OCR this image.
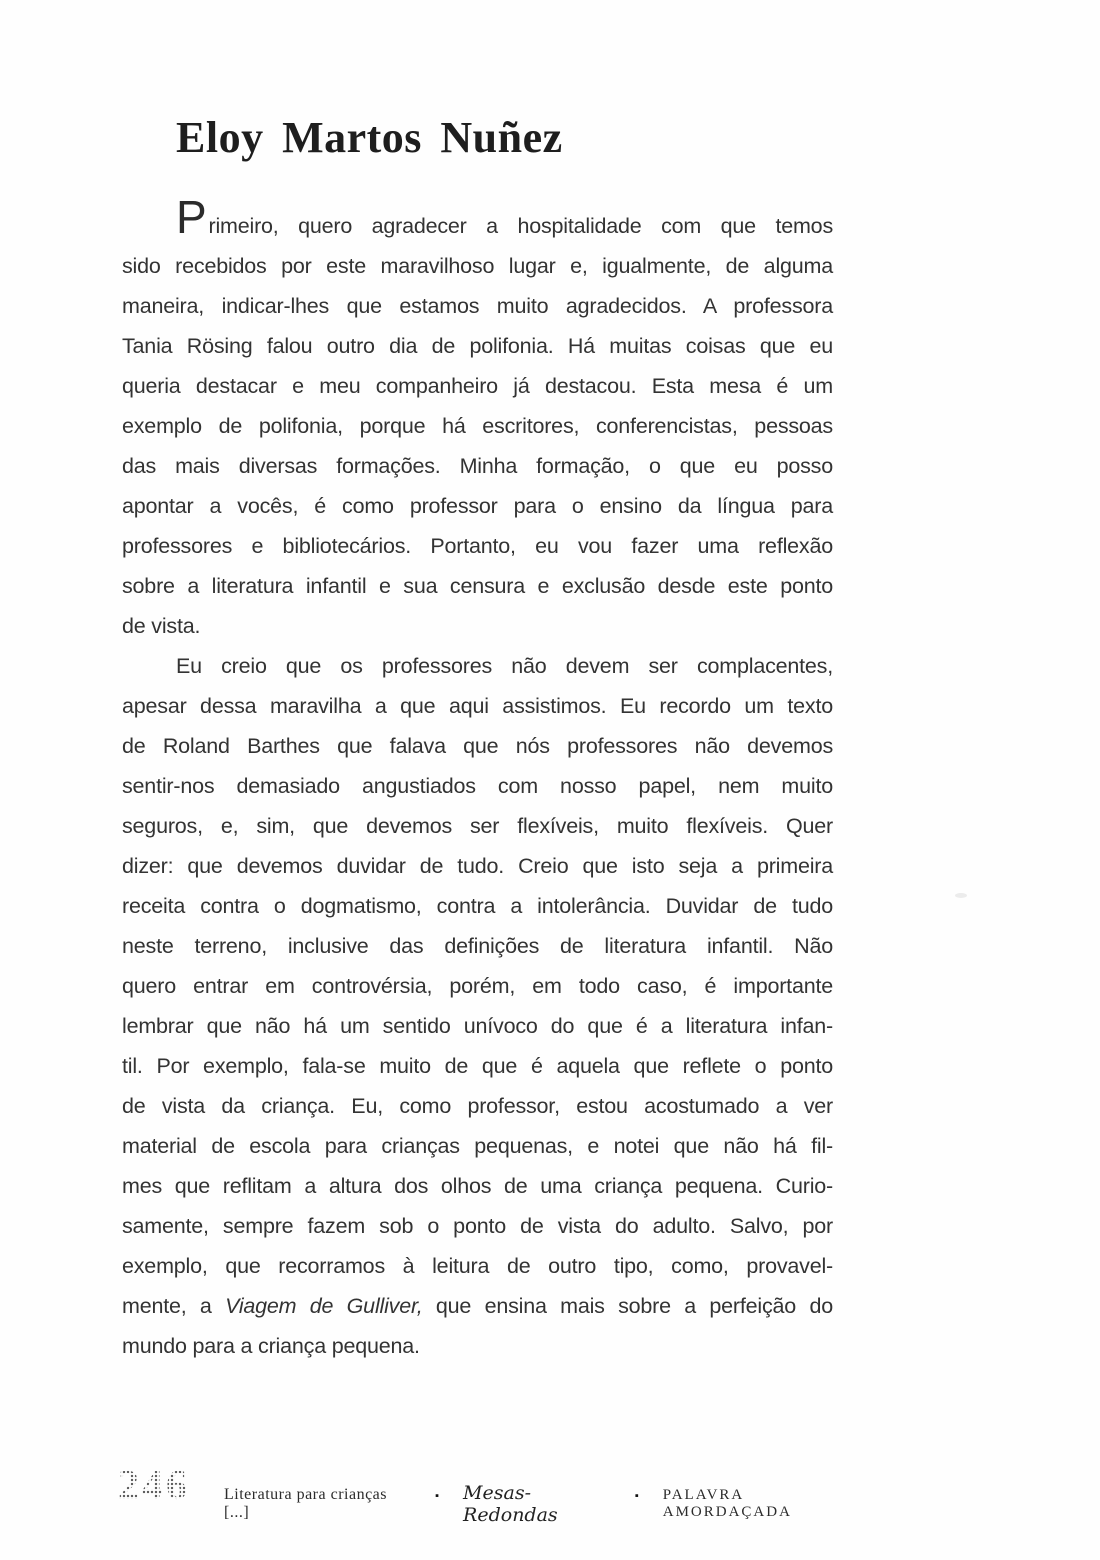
Eloy Martos Nuñez
Primeiro, quero agradecer a hospitalidade com que temos
sido recebidos por este maravilhoso lugar e, igualmente, de alguma
maneira, indicar-lhes que estamos muito agradecidos. A professora
Tania Rösing falou outro dia de polifonia. Há muitas coisas que eu
queria destacar e meu companheiro já destacou. Esta mesa é um
exemplo de polifonia, porque há escritores, conferencistas, pessoas
das mais diversas formações. Minha formação, o que eu posso
apontar a vocês, é como professor para o ensino da língua para
professores e bibliotecários. Portanto, eu vou fazer uma reflexão
sobre a literatura infantil e sua censura e exclusão desde este ponto
de vista.
Eu creio que os professores não devem ser complacentes,
apesar dessa maravilha a que aqui assistimos. Eu recordo um texto
de Roland Barthes que falava que nós professores não devemos
sentir-nos demasiado angustiados com nosso papel, nem muito
seguros, e, sim, que devemos ser flexíveis, muito flexíveis. Quer
dizer: que devemos duvidar de tudo. Creio que isto seja a primeira
receita contra o dogmatismo, contra a intolerância. Duvidar de tudo
neste terreno, inclusive das definições de literatura infantil. Não
quero entrar em controvérsia, porém, em todo caso, é importante
lembrar que não há um sentido unívoco do que é a literatura infan-
til. Por exemplo, fala-se muito de que é aquela que reflete o ponto
de vista da criança. Eu, como professor, estou acostumado a ver
material de escola para crianças pequenas, e notei que não há fil-
mes que reflitam a altura dos olhos de uma criança pequena. Curio-
samente, sempre fazem sob o ponto de vista do adulto. Salvo, por
exemplo, que recorramos à leitura de outro tipo, como, provavel-
mente, a Viagem de Gulliver, que ensina mais sobre a perfeição do
mundo para a criança pequena.
246 Literatura para crianças [...]
▪ Mesas-Redondas
▪ PALAVRA AMORDAÇADA
